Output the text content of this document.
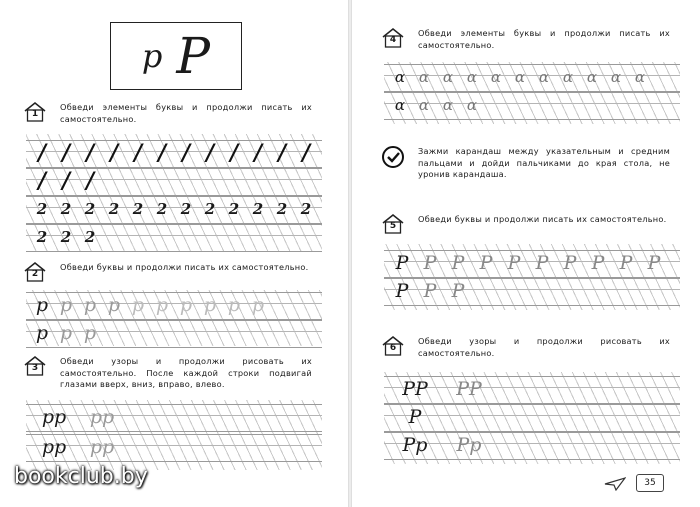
р Р
1
Обведи элементы буквы и продолжи писать их самостоятельно.
/ / / / / / / / / / / /
/ / /
2 2 2 2 2 2 2 2 2 2 2 2
2 2 2
2
Обведи буквы и продолжи писать их самостоятельно.
р р р р р р р р р р
р р р
3
Обведи узоры и продолжи рисовать их самостоятельно. После каждой строки подвигай глазами вверх, вниз, вправо, влево.
рр	рр
рр	рр
bookclub.by
4
Обведи элементы буквы и продолжи писать их самостоятельно.
ɑ ɑ ɑ ɑ ɑ ɑ ɑ ɑ ɑ ɑ ɑ
ɑ ɑ ɑ ɑ
Зажми карандаш между указательным и средним пальцами и дойди пальчиками до края стола, не уронив карандаша.
5
Обведи буквы и продолжи писать их самостоятельно.
Р Р Р Р Р Р Р Р Р Р
Р Р Р
6
Обведи узоры и продолжи рисовать их самостоятельно.
РР	РР
Р
Рр	Рр
35
